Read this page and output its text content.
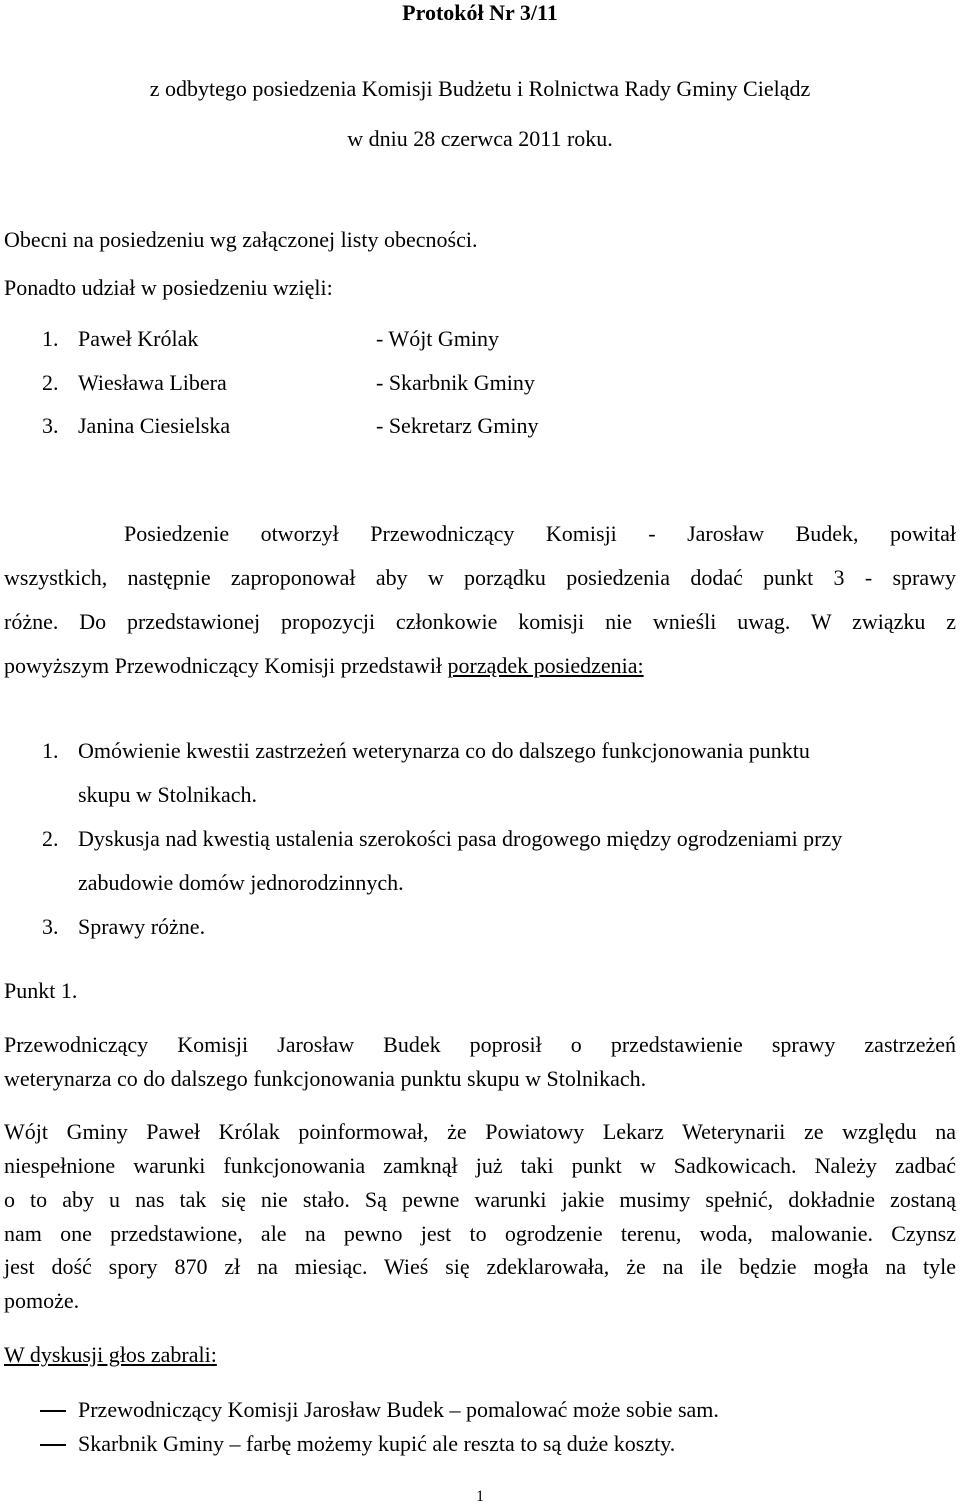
Protokół Nr 3/11
z odbytego posiedzenia Komisji Budżetu i Rolnictwa Rady Gminy Cielądz
w dniu 28 czerwca 2011 roku.
Obecni na posiedzeniu wg załączonej listy obecności.
Ponadto udział w posiedzeniu wzięli:
1. Paweł Królak	- Wójt Gminy
2. Wiesława Libera	- Skarbnik Gminy
3. Janina Ciesielska	- Sekretarz Gminy
Posiedzenie otworzył Przewodniczący Komisji - Jarosław Budek, powitał
wszystkich, następnie zaproponował aby w porządku posiedzenia dodać punkt 3 - sprawy
różne. Do przedstawionej propozycji członkowie komisji nie wnieśli uwag. W związku z
powyższym Przewodniczący Komisji przedstawił porządek posiedzenia:
1. Omówienie kwestii zastrzeżeń weterynarza co do dalszego funkcjonowania punktu
skupu w Stolnikach.
2. Dyskusja nad kwestią ustalenia szerokości pasa drogowego między ogrodzeniami przy
zabudowie domów jednorodzinnych.
3. Sprawy różne.
Punkt 1.
Przewodniczący Komisji Jarosław Budek poprosił o przedstawienie sprawy zastrzeżeń
weterynarza co do dalszego funkcjonowania punktu skupu w Stolnikach.
Wójt Gminy Paweł Królak poinformował, że Powiatowy Lekarz Weterynarii ze względu na
niespełnione warunki funkcjonowania zamknął już taki punkt w Sadkowicach. Należy zadbać
o to aby u nas tak się nie stało. Są pewne warunki jakie musimy spełnić, dokładnie zostaną
nam one przedstawione, ale na pewno jest to ogrodzenie terenu, woda, malowanie. Czynsz
jest dość spory 870 zł na miesiąc. Wieś się zdeklarowała, że na ile będzie mogła na tyle
pomoże.
W dyskusji głos zabrali:
Przewodniczący Komisji Jarosław Budek – pomalować może sobie sam.
Skarbnik Gminy – farbę możemy kupić ale reszta to są duże koszty.
1
